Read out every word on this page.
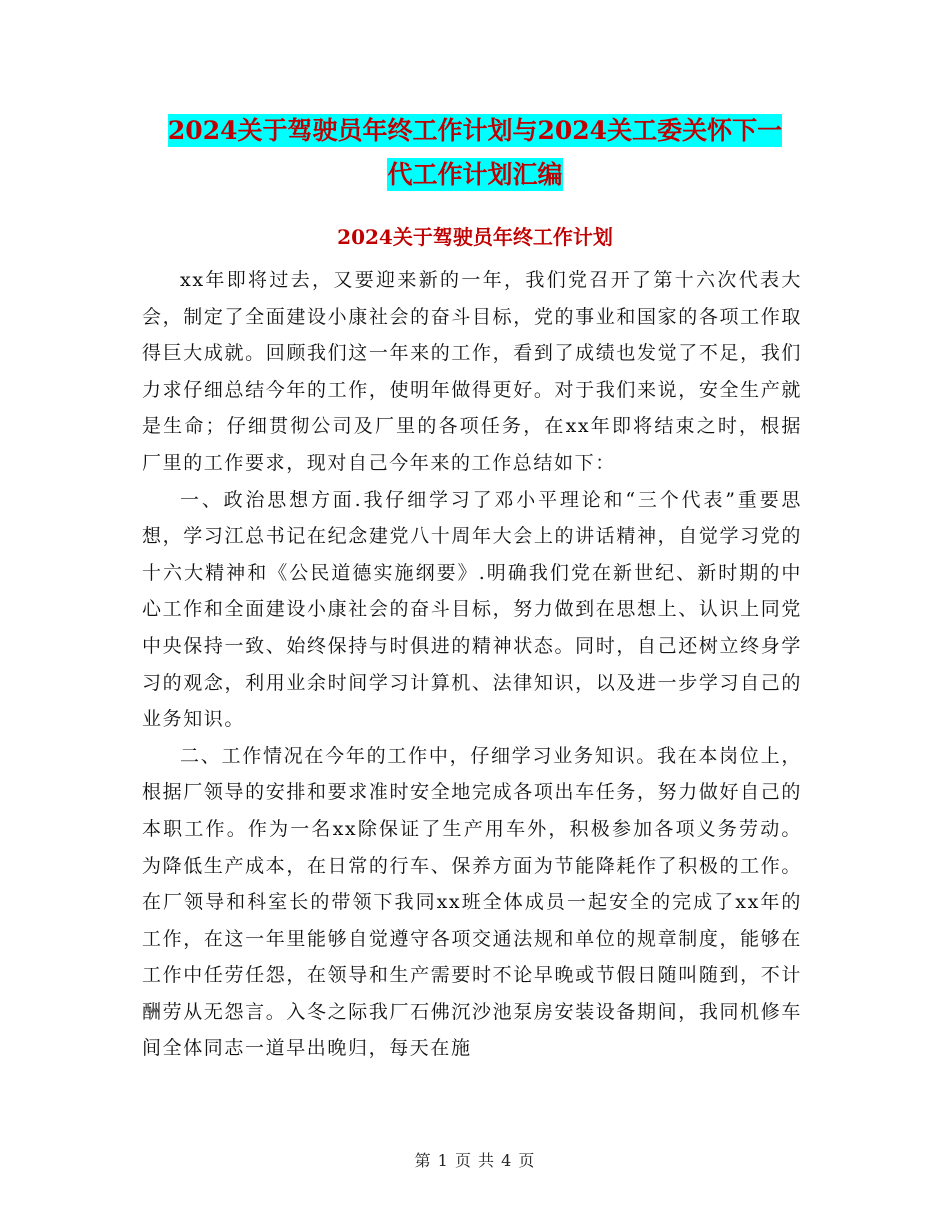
2024关于驾驶员年终工作计划与2024关工委关怀下一
代工作计划汇编
2024关于驾驶员年终工作计划

xx年即将过去，又要迎来新的一年，我们党召开了第十六次代表大会，制定了全面建设小康社会的奋斗目标，党的事业和国家的各项工作取得巨大成就。回顾我们这一年来的工作，看到了成绩也发觉了不足，我们力求仔细总结今年的工作，使明年做得更好。对于我们来说，安全生产就是生命；仔细贯彻公司及厂里的各项任务，在xx年即将结束之时，根据厂里的工作要求，现对自己今年来的工作总结如下：

一、政治思想方面.我仔细学习了邓小平理论和“三个代表”重要思想，学习江总书记在纪念建党八十周年大会上的讲话精神，自觉学习党的十六大精神和《公民道德实施纲要》.明确我们党在新世纪、新时期的中心工作和全面建设小康社会的奋斗目标，努力做到在思想上、认识上同党中央保持一致、始终保持与时俱进的精神状态。同时，自己还树立终身学习的观念，利用业余时间学习计算机、法律知识，以及进一步学习自己的业务知识。

二、工作情况在今年的工作中，仔细学习业务知识。我在本岗位上，根据厂领导的安排和要求准时安全地完成各项出车任务，努力做好自己的本职工作。作为一名xx除保证了生产用车外，积极参加各项义务劳动。为降低生产成本，在日常的行车、保养方面为节能降耗作了积极的工作。在厂领导和科室长的带领下我同xx班全体成员一起安全的完成了xx年的工作，在这一年里能够自觉遵守各项交通法规和单位的规章制度，能够在工作中任劳任怨，在领导和生产需要时不论早晚或节假日随叫随到，不计酬劳从无怨言。入冬之际我厂石佛沉沙池泵房安装设备期间，我同机修车间全体同志一道早出晚归，每天在施

第 1 页 共 4 页
